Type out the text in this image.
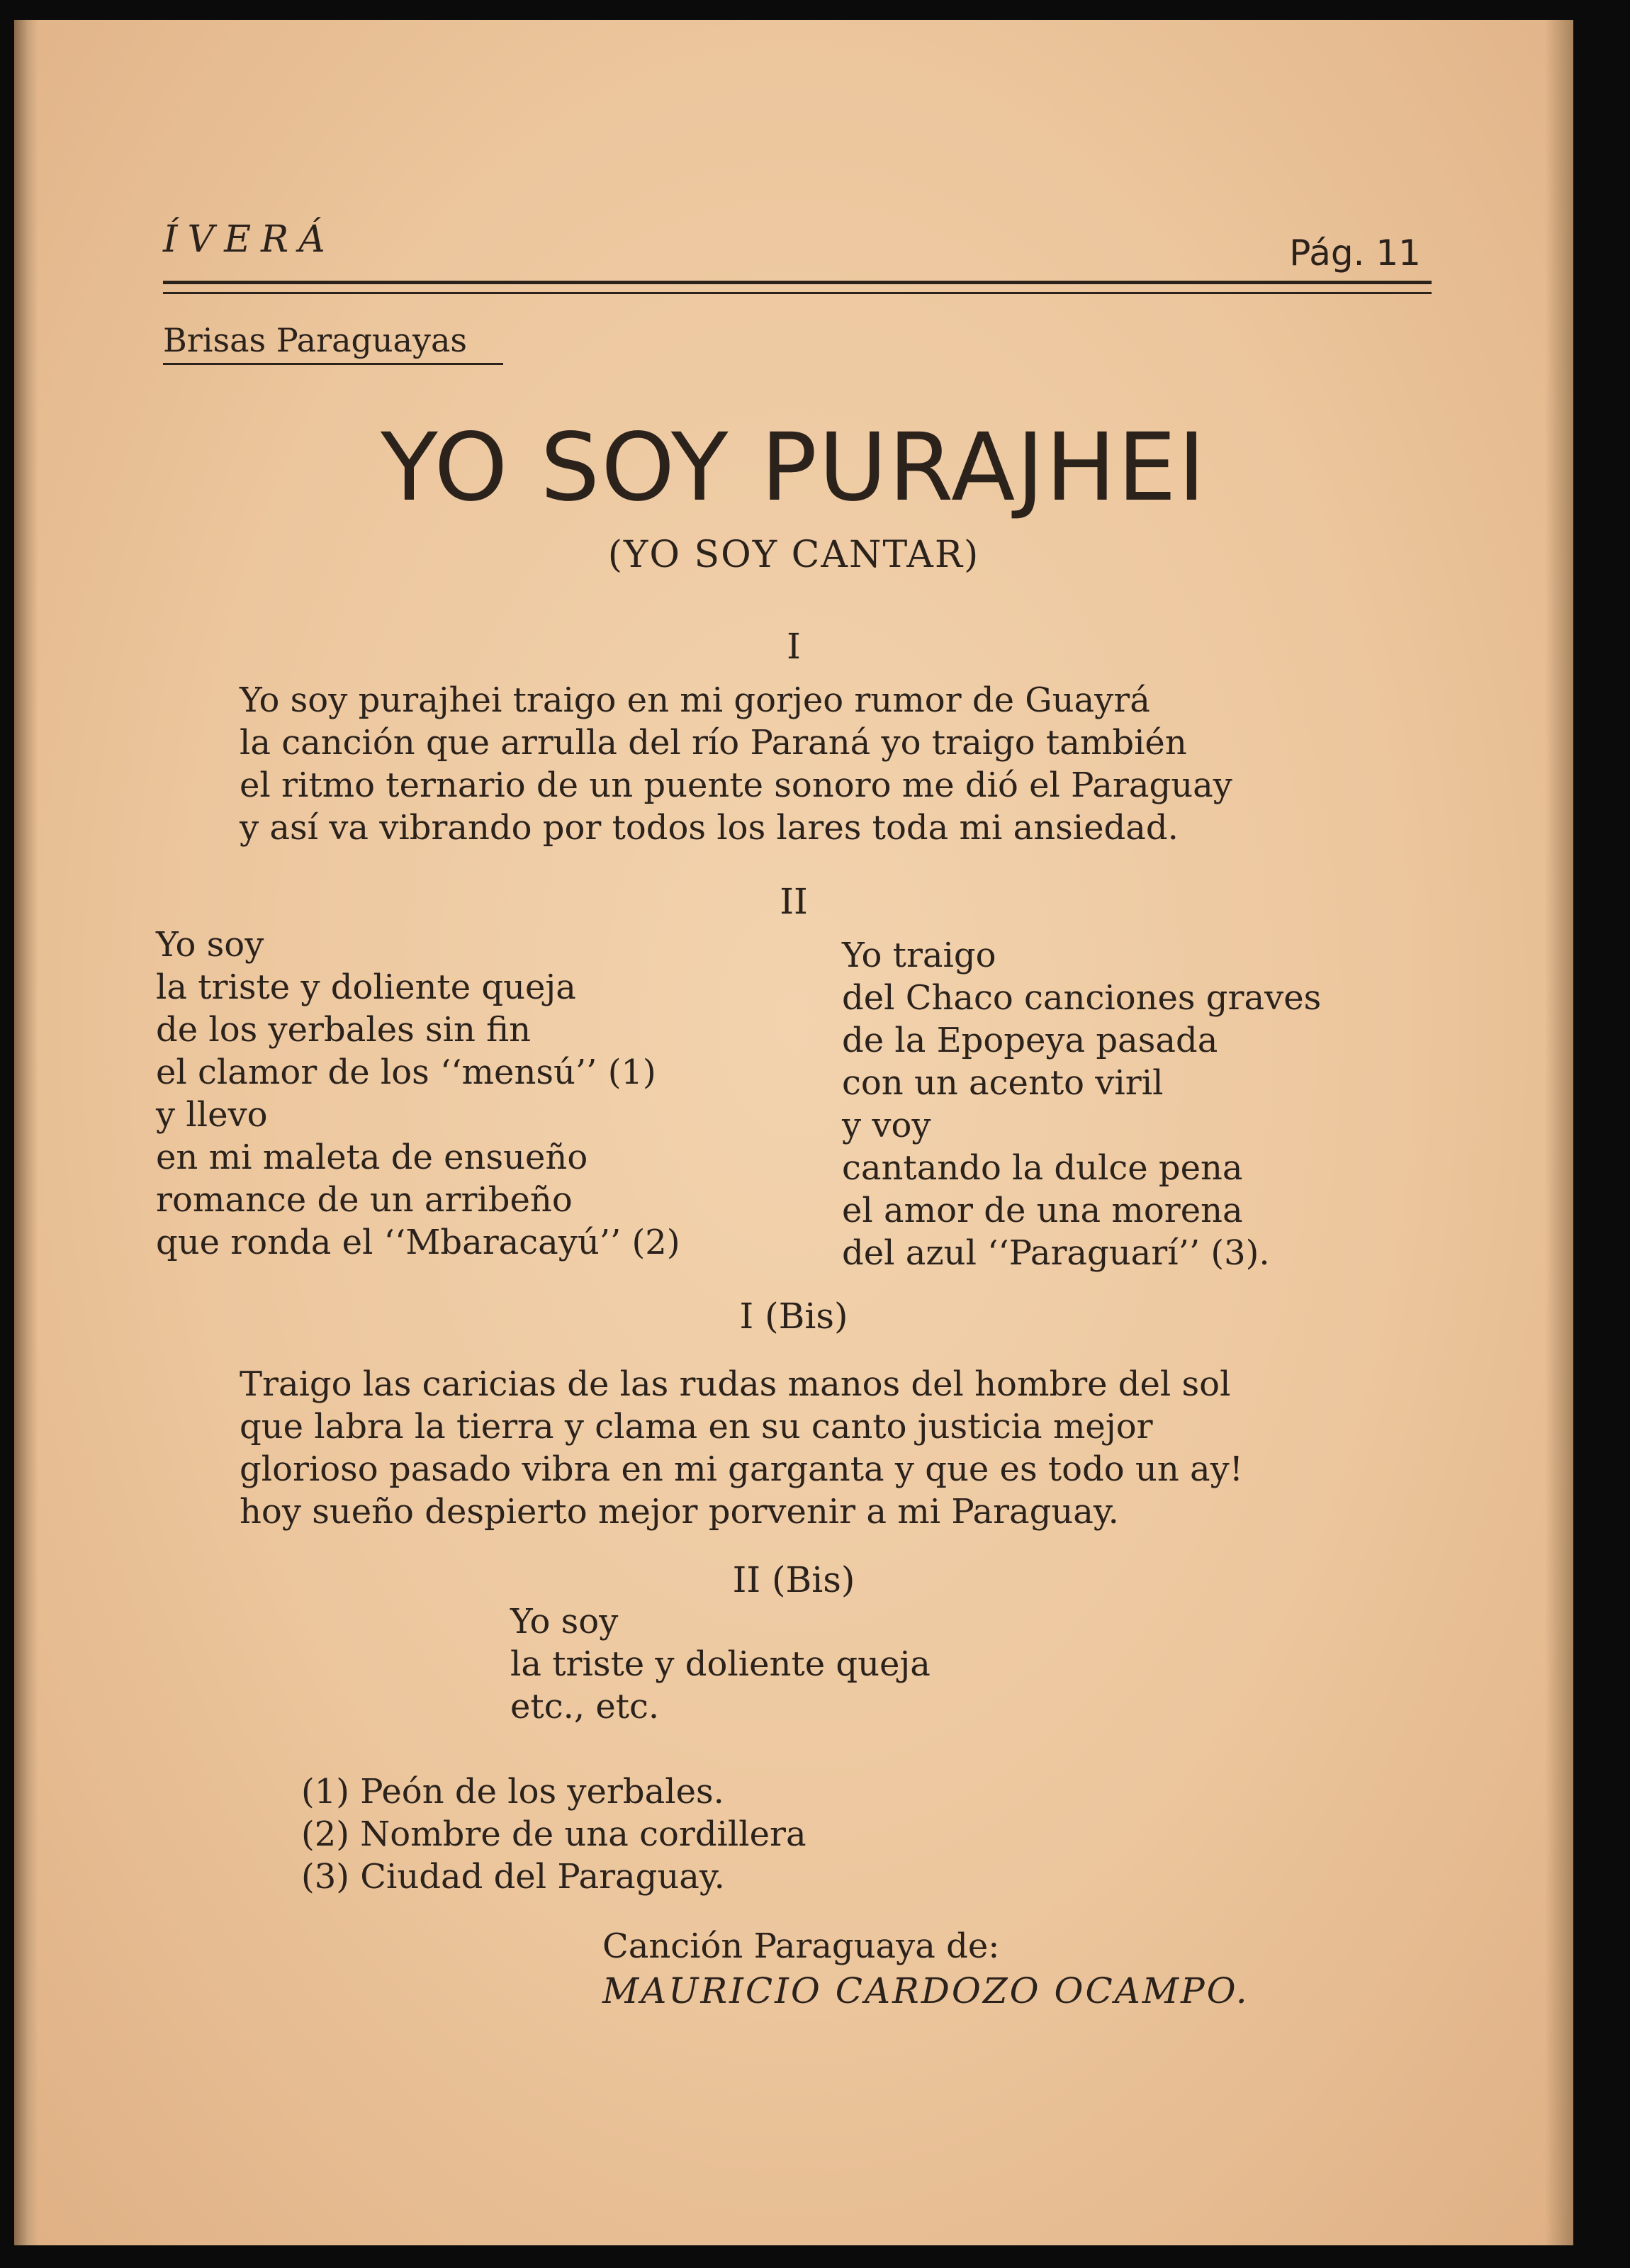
ÍVERÁ	Pág. 11
Brisas Paraguayas
YO SOY PURAJHEI
(YO SOY CANTAR)
I
Yo soy purajhei traigo en mi gorjeo rumor de Guayrá
la canción que arrulla del río Paraná yo traigo también
el ritmo ternario de un puente sonoro me dió el Paraguay
y así va vibrando por todos los lares toda mi ansiedad.
II
Yo soy
la triste y doliente queja
de los yerbales sin fin
el clamor de los ‘‘mensú’’ (1)
y llevo
en mi maleta de ensueño
romance de un arribeño
que ronda el ‘‘Mbaracayú’’ (2)
Yo traigo
del Chaco canciones graves
de la Epopeya pasada
con un acento viril
y voy
cantando la dulce pena
el amor de una morena
del azul ‘‘Paraguarí’’ (3).
I (Bis)
Traigo las caricias de las rudas manos del hombre del sol
que labra la tierra y clama en su canto justicia mejor
glorioso pasado vibra en mi garganta y que es todo un ay!
hoy sueño despierto mejor porvenir a mi Paraguay.
II (Bis)
Yo soy
la triste y doliente queja
etc., etc.
(1) Peón de los yerbales.
(2) Nombre de una cordillera
(3) Ciudad del Paraguay.
Canción Paraguaya de:
MAURICIO CARDOZO OCAMPO.
